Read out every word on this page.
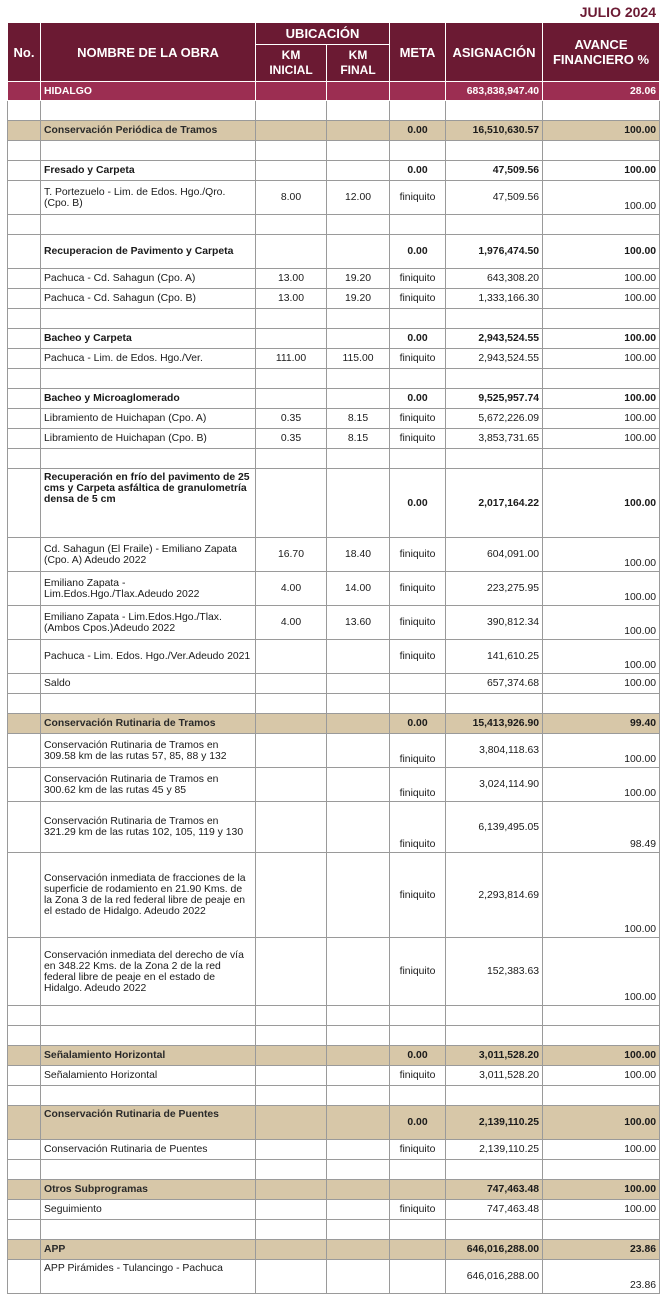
JULIO 2024
No.	NOMBRE DE LA OBRA	UBICACIÓN		META	ASIGNACIÓN	AVANCE FINANCIERO %
		KM INICIAL	KM FINAL			
	HIDALGO				683,838,947.40	28.06

	Conservación Periódica de Tramos			0.00	16,510,630.57	100.00

	Fresado y Carpeta			0.00	47,509.56	100.00
	T. Portezuelo - Lim. de Edos. Hgo./Qro. (Cpo. B)	8.00	12.00	finiquito	47,509.56	100.00

	Recuperacion de Pavimento y Carpeta			0.00	1,976,474.50	100.00
	Pachuca - Cd. Sahagun (Cpo. A)	13.00	19.20	finiquito	643,308.20	100.00
	Pachuca - Cd. Sahagun (Cpo. B)	13.00	19.20	finiquito	1,333,166.30	100.00

	Bacheo y Carpeta			0.00	2,943,524.55	100.00
	Pachuca - Lim. de Edos. Hgo./Ver.	111.00	115.00	finiquito	2,943,524.55	100.00

	Bacheo y Microaglomerado			0.00	9,525,957.74	100.00
	Libramiento de Huichapan (Cpo. A)	0.35	8.15	finiquito	5,672,226.09	100.00
	Libramiento de Huichapan (Cpo. B)	0.35	8.15	finiquito	3,853,731.65	100.00

	Recuperación en frío del pavimento de 25 cms y Carpeta asfáltica de granulometría densa de 5 cm			0.00	2,017,164.22	100.00
	Cd. Sahagun (El Fraile) - Emiliano Zapata (Cpo. A) Adeudo 2022	16.70	18.40	finiquito	604,091.00	100.00
	Emiliano Zapata - Lim.Edos.Hgo./Tlax.Adeudo 2022	4.00	14.00	finiquito	223,275.95	100.00
	Emiliano Zapata - Lim.Edos.Hgo./Tlax. (Ambos Cpos.)Adeudo 2022	4.00	13.60	finiquito	390,812.34	100.00
	Pachuca - Lim. Edos. Hgo./Ver.Adeudo 2021			finiquito	141,610.25	100.00
	Saldo				657,374.68	100.00

	Conservación Rutinaria de Tramos			0.00	15,413,926.90	99.40
	Conservación Rutinaria de Tramos en 309.58 km de las rutas 57, 85, 88 y 132			finiquito	3,804,118.63	100.00
	Conservación Rutinaria de Tramos en 300.62 km de las rutas 45 y 85			finiquito	3,024,114.90	100.00
	Conservación Rutinaria de Tramos en 321.29 km de las rutas 102, 105, 119 y 130			finiquito	6,139,495.05	98.49
	Conservación inmediata de fracciones de la superficie de rodamiento en 21.90 Kms. de la Zona 3 de la red federal libre de peaje en el estado de Hidalgo. Adeudo 2022			finiquito	2,293,814.69	100.00
	Conservación inmediata del derecho de vía en 348.22 Kms. de la Zona 2 de la red federal libre de peaje en el estado de Hidalgo. Adeudo 2022			finiquito	152,383.63	100.00

	Señalamiento Horizontal			0.00	3,011,528.20	100.00
	Señalamiento Horizontal			finiquito	3,011,528.20	100.00

	Conservación Rutinaria de Puentes			0.00	2,139,110.25	100.00
	Conservación Rutinaria de Puentes			finiquito	2,139,110.25	100.00

	Otros Subprogramas				747,463.48	100.00
	Seguimiento			finiquito	747,463.48	100.00

	APP				646,016,288.00	23.86
	APP Pirámides - Tulancingo - Pachuca				646,016,288.00	23.86
